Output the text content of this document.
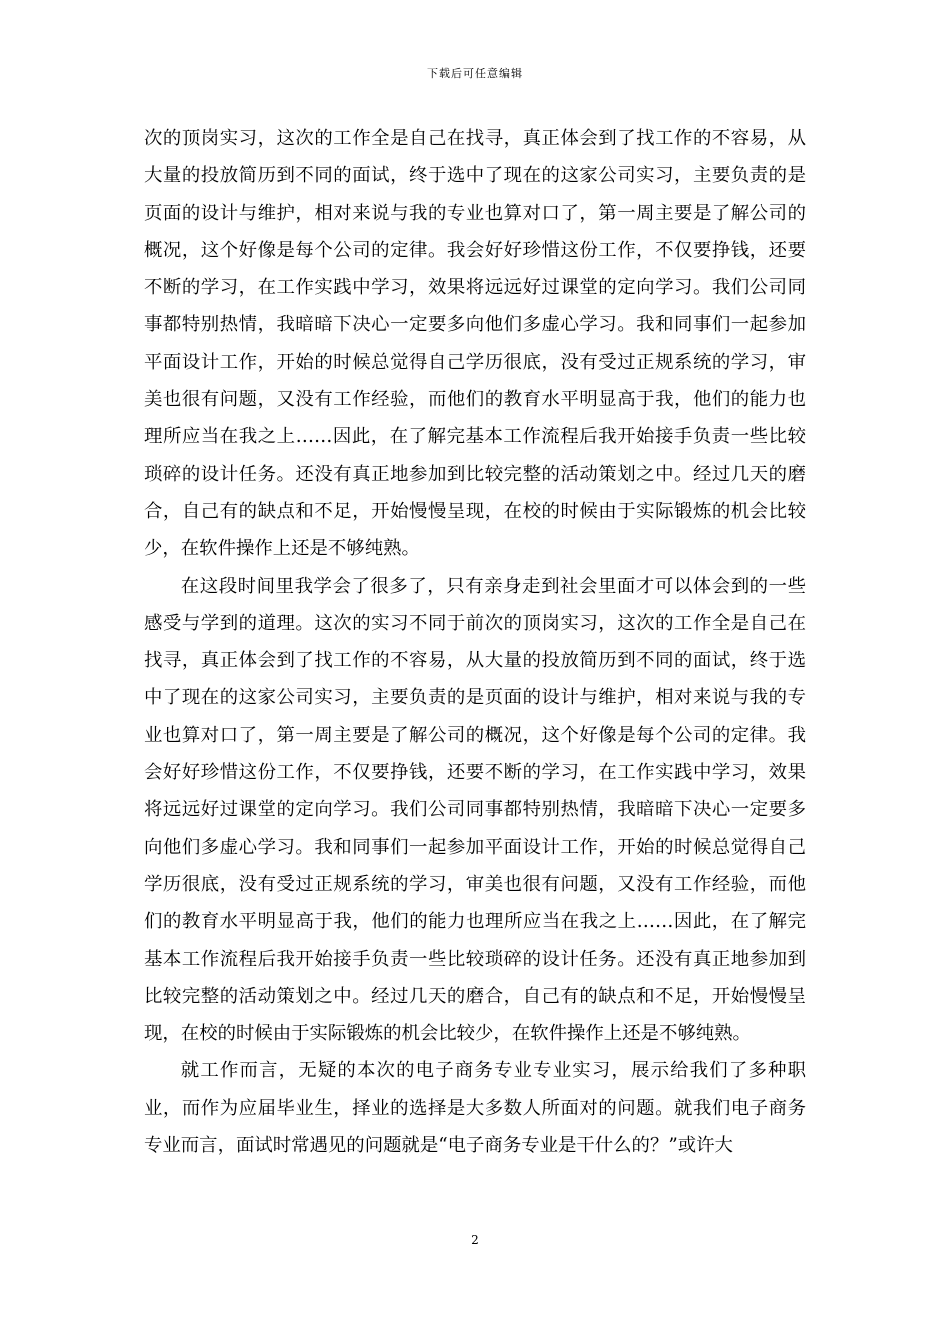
下载后可任意编辑

次的顶岗实习，这次的工作全是自己在找寻，真正体会到了找工作的不容易，从大量的投放简历到不同的面试，终于选中了现在的这家公司实习，主要负责的是页面的设计与维护，相对来说与我的专业也算对口了，第一周主要是了解公司的概况，这个好像是每个公司的定律。我会好好珍惜这份工作，不仅要挣钱，还要不断的学习，在工作实践中学习，效果将远远好过课堂的定向学习。我们公司同事都特别热情，我暗暗下决心一定要多向他们多虚心学习。我和同事们一起参加平面设计工作，开始的时候总觉得自己学历很底，没有受过正规系统的学习，审美也很有问题，又没有工作经验，而他们的教育水平明显高于我，他们的能力也理所应当在我之上……因此，在了解完基本工作流程后我开始接手负责一些比较琐碎的设计任务。还没有真正地参加到比较完整的活动策划之中。经过几天的磨合，自己有的缺点和不足，开始慢慢呈现，在校的时候由于实际锻炼的机会比较少，在软件操作上还是不够纯熟。

在这段时间里我学会了很多了，只有亲身走到社会里面才可以体会到的一些感受与学到的道理。这次的实习不同于前次的顶岗实习，这次的工作全是自己在找寻，真正体会到了找工作的不容易，从大量的投放简历到不同的面试，终于选中了现在的这家公司实习，主要负责的是页面的设计与维护，相对来说与我的专业也算对口了，第一周主要是了解公司的概况，这个好像是每个公司的定律。我会好好珍惜这份工作，不仅要挣钱，还要不断的学习，在工作实践中学习，效果将远远好过课堂的定向学习。我们公司同事都特别热情，我暗暗下决心一定要多向他们多虚心学习。我和同事们一起参加平面设计工作，开始的时候总觉得自己学历很底，没有受过正规系统的学习，审美也很有问题，又没有工作经验，而他们的教育水平明显高于我，他们的能力也理所应当在我之上……因此，在了解完基本工作流程后我开始接手负责一些比较琐碎的设计任务。还没有真正地参加到比较完整的活动策划之中。经过几天的磨合，自己有的缺点和不足，开始慢慢呈现，在校的时候由于实际锻炼的机会比较少，在软件操作上还是不够纯熟。

就工作而言，无疑的本次的电子商务专业专业实习，展示给我们了多种职业，而作为应届毕业生，择业的选择是大多数人所面对的问题。就我们电子商务专业而言，面试时常遇见的问题就是“电子商务专业是干什么的？”或许大

2
